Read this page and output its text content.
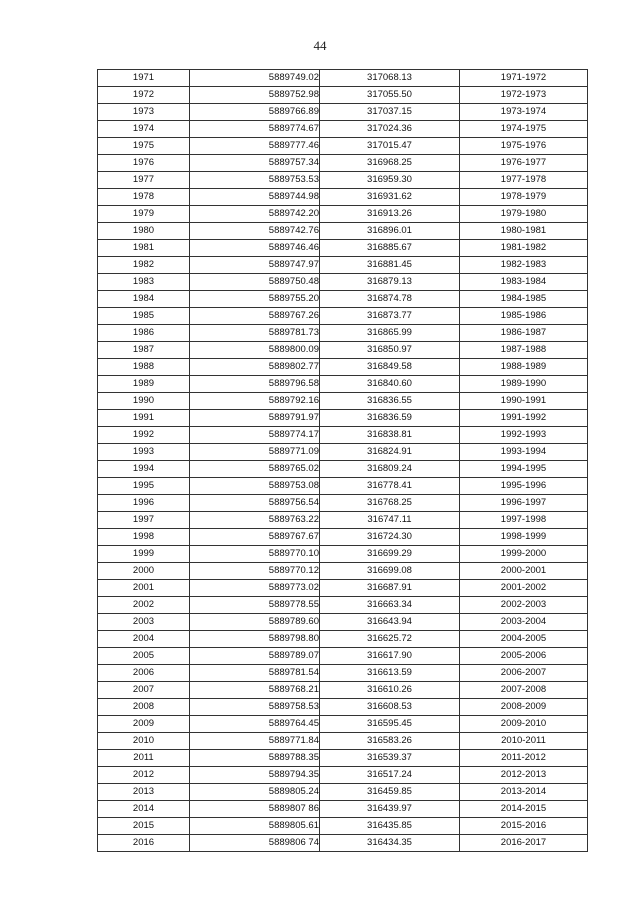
44
1971	5889749.02	317068.13	1971-1972
1972	5889752.98	317055.50	1972-1973
1973	5889766.89	317037.15	1973-1974
1974	5889774.67	317024.36	1974-1975
1975	5889777.46	317015.47	1975-1976
1976	5889757.34	316968.25	1976-1977
1977	5889753.53	316959.30	1977-1978
1978	5889744.98	316931.62	1978-1979
1979	5889742.20	316913.26	1979-1980
1980	5889742.76	316896.01	1980-1981
1981	5889746.46	316885.67	1981-1982
1982	5889747.97	316881.45	1982-1983
1983	5889750.48	316879.13	1983-1984
1984	5889755.20	316874.78	1984-1985
1985	5889767.26	316873.77	1985-1986
1986	5889781.73	316865.99	1986-1987
1987	5889800.09	316850.97	1987-1988
1988	5889802.77	316849.58	1988-1989
1989	5889796.58	316840.60	1989-1990
1990	5889792.16	316836.55	1990-1991
1991	5889791.97	316836.59	1991-1992
1992	5889774.17	316838.81	1992-1993
1993	5889771.09	316824.91	1993-1994
1994	5889765.02	316809.24	1994-1995
1995	5889753.08	316778.41	1995-1996
1996	5889756.54	316768.25	1996-1997
1997	5889763.22	316747.11	1997-1998
1998	5889767.67	316724.30	1998-1999
1999	5889770.10	316699.29	1999-2000
2000	5889770.12	316699.08	2000-2001
2001	5889773.02	316687.91	2001-2002
2002	5889778.55	316663.34	2002-2003
2003	5889789.60	316643.94	2003-2004
2004	5889798.80	316625.72	2004-2005
2005	5889789.07	316617.90	2005-2006
2006	5889781.54	316613.59	2006-2007
2007	5889768.21	316610.26	2007-2008
2008	5889758.53	316608.53	2008-2009
2009	5889764.45	316595.45	2009-2010
2010	5889771.84	316583.26	2010-2011
2011	5889788.35	316539.37	2011-2012
2012	5889794.35	316517.24	2012-2013
2013	5889805.24	316459.85	2013-2014
2014	5889807 86	316439.97	2014-2015
2015	5889805.61	316435.85	2015-2016
2016	5889806 74	316434.35	2016-2017
